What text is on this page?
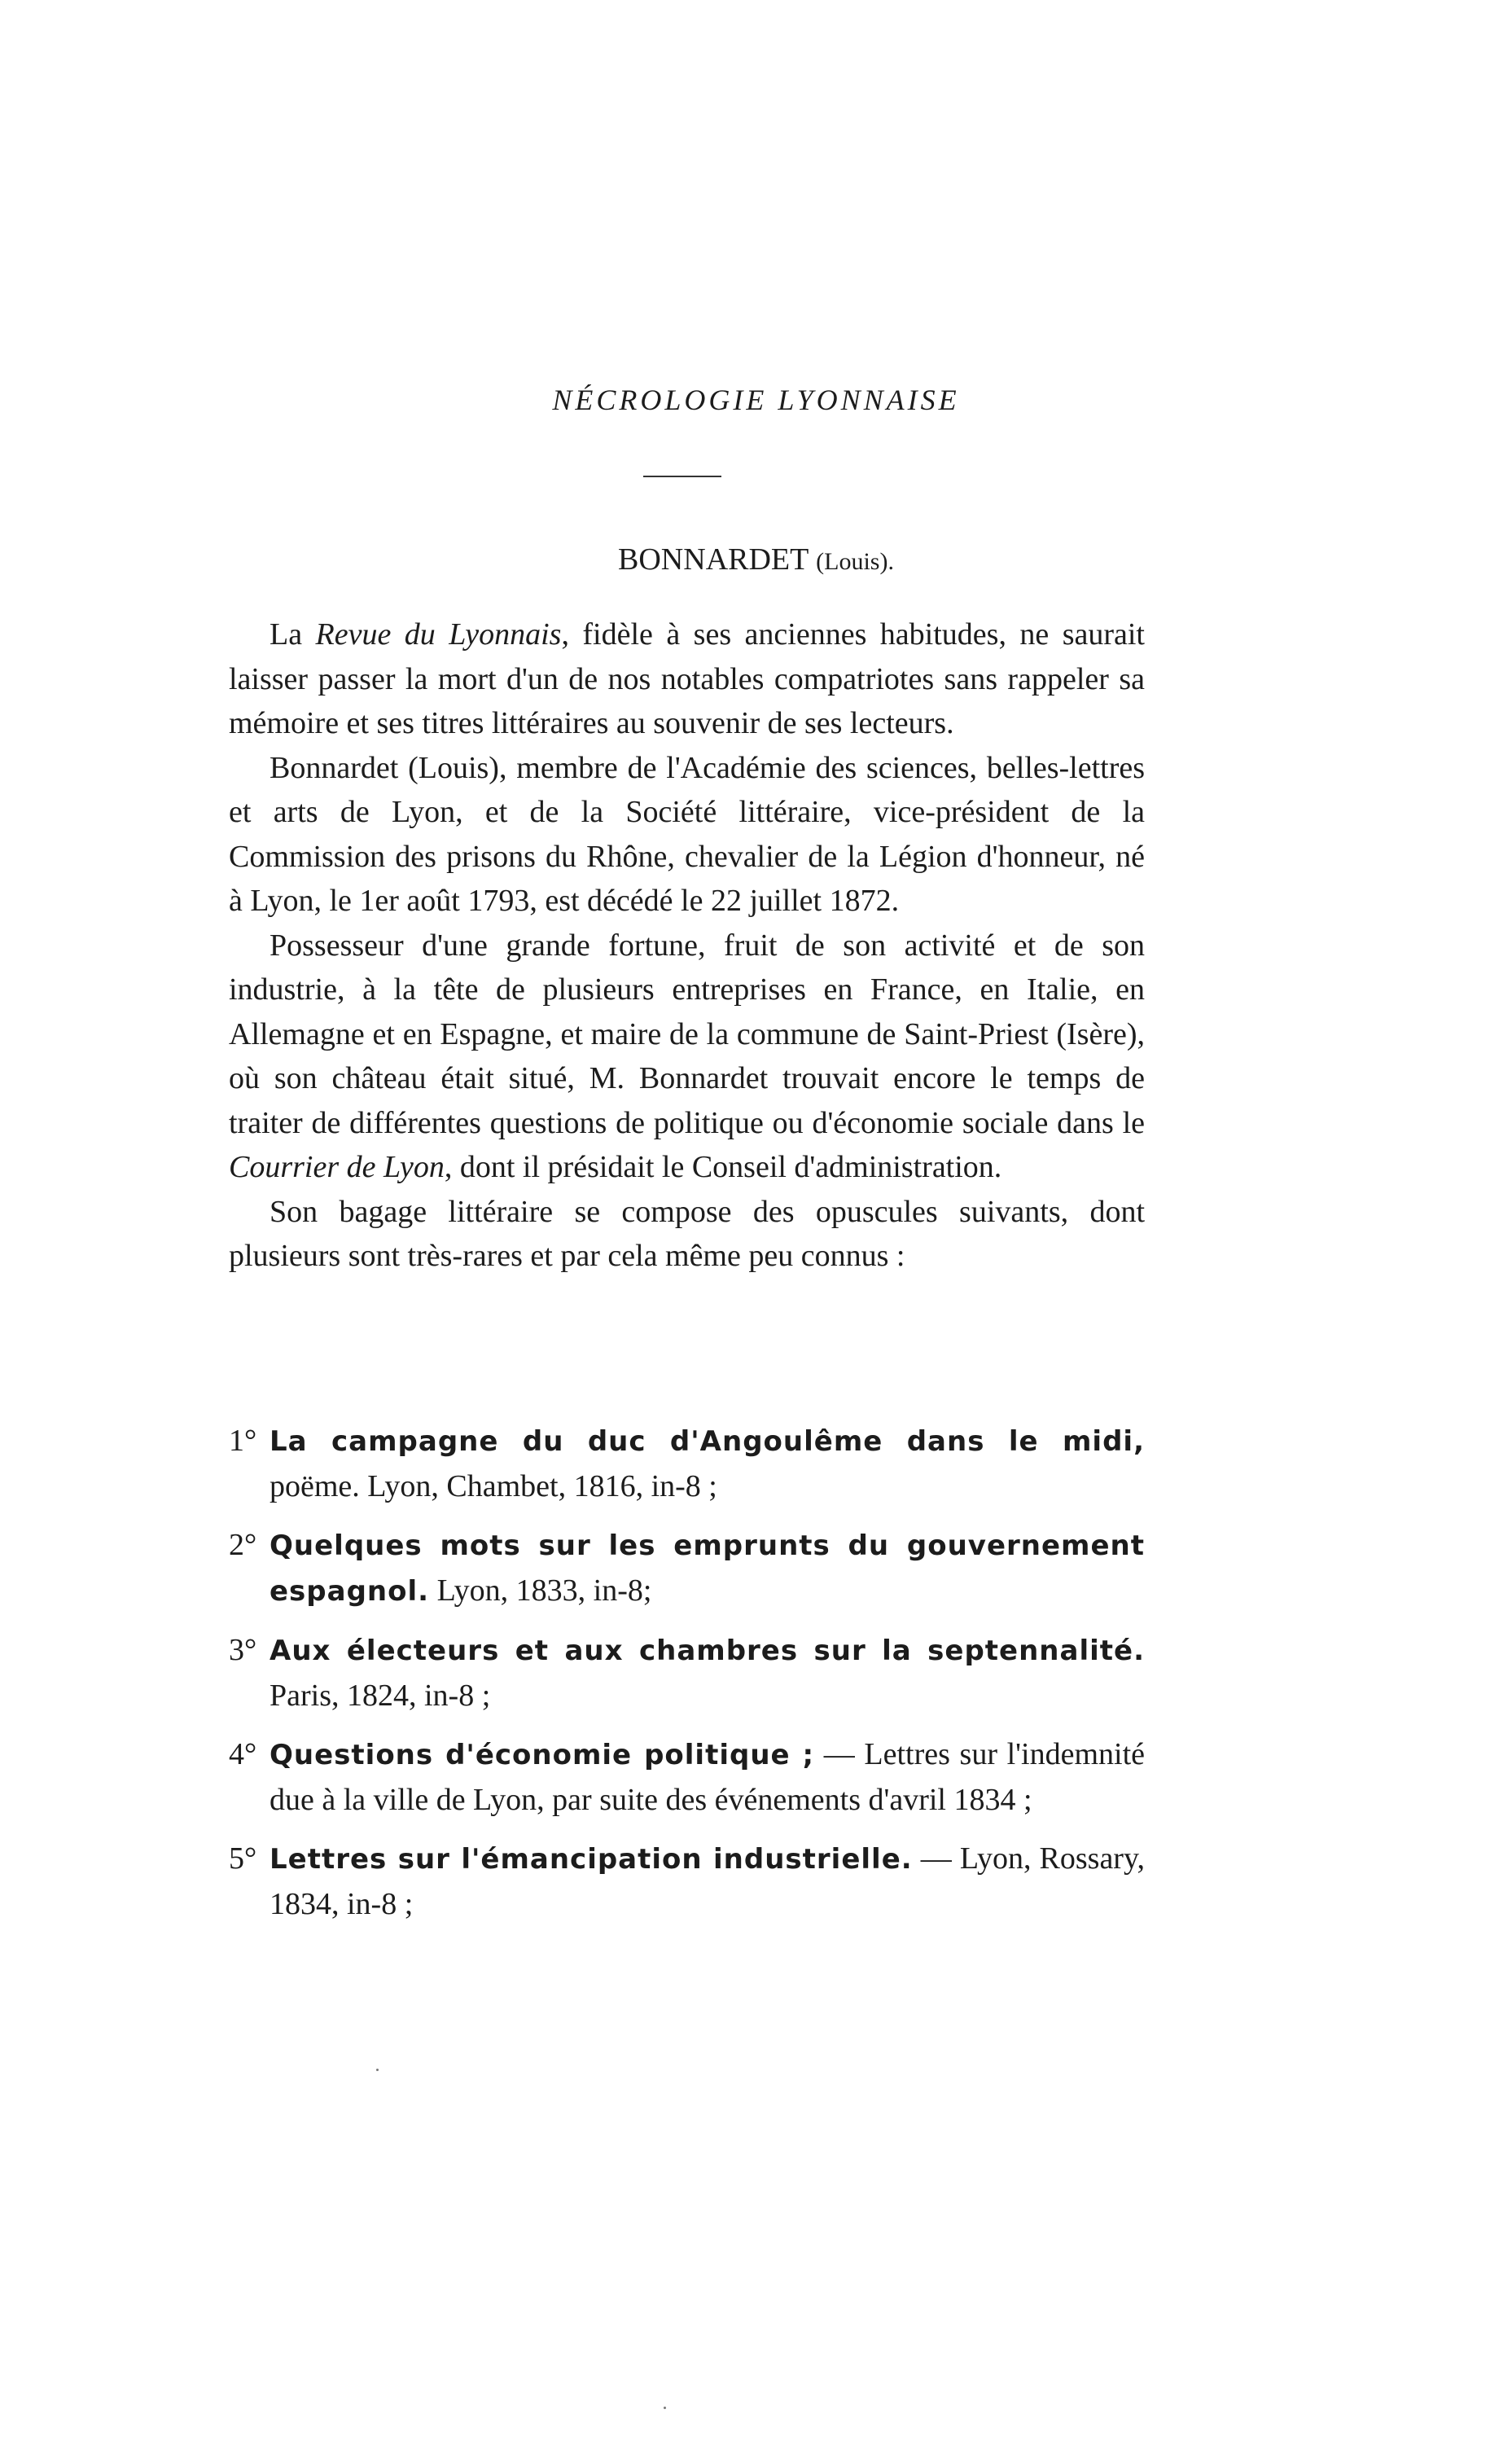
NÉCROLOGIE LYONNAISE
BONNARDET (Louis).

La Revue du Lyonnais, fidèle à ses anciennes habitudes, ne saurait laisser passer la mort d'un de nos notables compatriotes sans rappeler sa mémoire et ses titres littéraires au souvenir de ses lecteurs.

Bonnardet (Louis), membre de l'Académie des sciences, belles-lettres et arts de Lyon, et de la Société littéraire, vice-président de la Commission des prisons du Rhône, chevalier de la Légion d'honneur, né à Lyon, le 1er août 1793, est décédé le 22 juillet 1872.

Possesseur d'une grande fortune, fruit de son activité et de son industrie, à la tête de plusieurs entreprises en France, en Italie, en Allemagne et en Espagne, et maire de la commune de Saint-Priest (Isère), où son château était situé, M. Bonnardet trouvait encore le temps de traiter de différentes questions de politique ou d'économie sociale dans le Courrier de Lyon, dont il présidait le Conseil d'administration.

Son bagage littéraire se compose des opuscules suivants, dont plusieurs sont très-rares et par cela même peu connus :

1° La campagne du duc d'Angoulême dans le midi, poëme. Lyon, Chambet, 1816, in-8 ;
2° Quelques mots sur les emprunts du gouvernement espagnol. Lyon, 1833, in-8;
3° Aux électeurs et aux chambres sur la septennalité. Paris, 1824, in-8 ;
4° Questions d'économie politique ; — Lettres sur l'indemnité due à la ville de Lyon, par suite des événements d'avril 1834 ;
5° Lettres sur l'émancipation industrielle. — Lyon, Rossary, 1834, in-8 ;
